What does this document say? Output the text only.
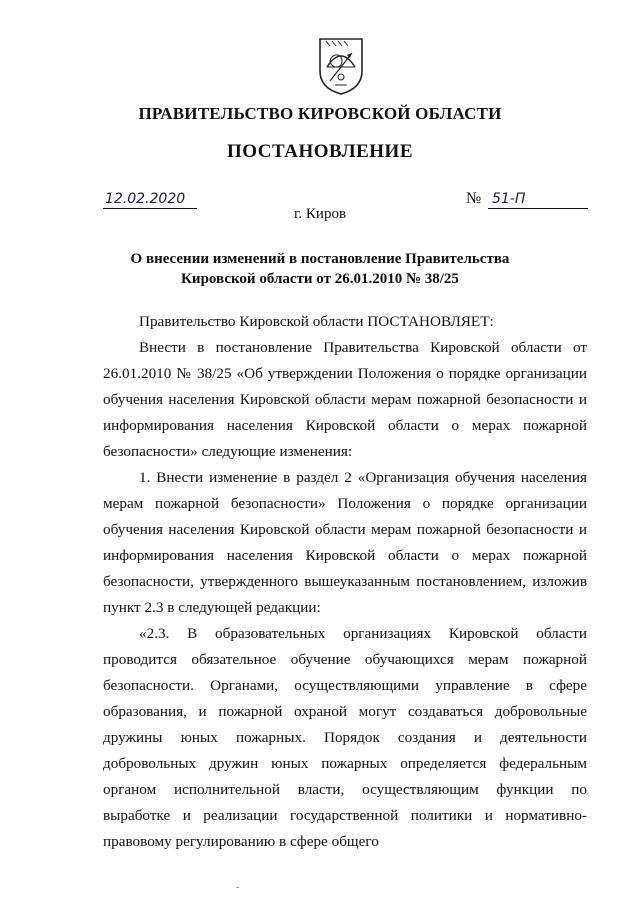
ПРАВИТЕЛЬСТВО КИРОВСКОЙ ОБЛАСТИ
ПОСТАНОВЛЕНИЕ
12.02.2020	№ 51-П
г. Киров
О внесении изменений в постановление Правительства
Кировской области от 26.01.2010 № 38/25

Правительство Кировской области ПОСТАНОВЛЯЕТ:

Внести в постановление Правительства Кировской области от 26.01.2010 № 38/25 «Об утверждении Положения о порядке организации обучения населения Кировской области мерам пожарной безопасности и информирования населения Кировской области о мерах пожарной безопасности» следующие изменения:

1. Внести изменение в раздел 2 «Организация обучения населения мерам пожарной безопасности» Положения о порядке организации обучения населения Кировской области мерам пожарной безопасности и информирования населения Кировской области о мерах пожарной безопасности, утвержденного вышеуказанным постановлением, изложив пункт 2.3 в следующей редакции:

«2.3. В образовательных организациях Кировской области проводится обязательное обучение обучающихся мерам пожарной безопасности. Органами, осуществляющими управление в сфере образования, и пожарной охраной могут создаваться добровольные дружины юных пожарных. Порядок создания и деятельности добровольных дружин юных пожарных определяется федеральным органом исполнительной власти, осуществляющим функции по выработке и реализации государственной политики и нормативно-правовому регулированию в сфере общего

-
